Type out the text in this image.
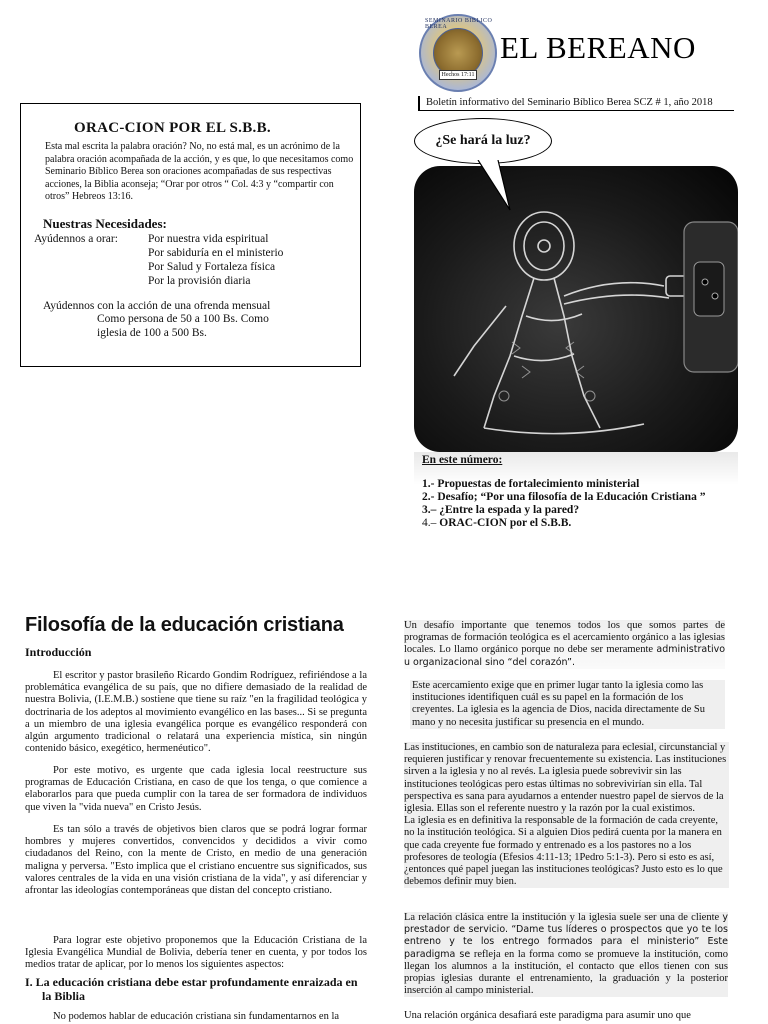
SEMINARIO BIBLICO BEREA
Hechos 17:11
EL BEREANO
Boletín informativo del Seminario Bíblico Berea SCZ # 1, año 2018
ORAC-CION POR EL S.B.B.
Esta mal escrita la palabra oración? No, no está mal, es un acrónimo de la palabra oración acompañada de la acción, y es que, lo que necesitamos como Seminario Bíblico Berea son oraciones acompañadas de sus respectivas acciones, la Biblia aconseja; “Orar por otros “ Col. 4:3 y “compartir con otros” Hebreos 13:16.
Nuestras Necesidades:
Ayúdennos a orar:	Por nuestra vida espiritual
Por sabiduría en el ministerio
Por Salud y Fortaleza física
Por la provisión diaria
Ayúdennos con la acción de una ofrenda mensual
Como persona de 50 a 100 Bs. Como
iglesia de 100 a 500 Bs.
¿Se hará la luz?
En este número:
1.- Propuestas de fortalecimiento ministerial
2.- Desafío; “Por una filosofía de la Educación Cristiana ”
3.– ¿Entre la espada y la pared?
4.– ORAC-CION por el S.B.B.
Filosofía de la educación cristiana
Introducción

El escritor y pastor brasileño Ricardo Gondim Rodríguez, refiriéndose a la problemática evangélica de su país, que no difiere demasiado de la realidad de nuestra Bolivia, (I.E.M.B.) sostiene que tiene su raíz "en la fragilidad teológica y doctrinaria de los adeptos al movimiento evangélico en las bases... Si se pregunta a un miembro de una iglesia evangélica porque es evangélico responderá con algún argumento tradicional o relatará una experiencia mística, sin ningún contenido básico, exegético, hermenéutico".

Por este motivo, es urgente que cada iglesia local reestructure sus programas de Educación Cristiana, en caso de que los tenga, o que comience a elaborarlos para que pueda cumplir con la tarea de ser formadora de individuos que viven la "vida nueva" en Cristo Jesús.

Es tan sólo a través de objetivos bien claros que se podrá lograr formar hombres y mujeres convertidos, convencidos y decididos a vivir como ciudadanos del Reino, con la mente de Cristo, en medio de una generación maligna y perversa. "Esto implica que el cristiano encuentre sus significados, sus valores centrales de la vida en una visión cristiana de la vida", y así diferenciar y afrontar las ideologías contemporáneas que distan del concepto cristiano.

Para lograr este objetivo proponemos que la Educación Cristiana de la Iglesia Evangélica Mundial de Bolivia, debería tener en cuenta, y por todos los medios tratar de aplicar, por lo menos los siguientes aspectos:

I. La educación cristiana debe estar profundamente enraizada en
la Biblia

No podemos hablar de educación cristiana sin fundamentarnos en la

Un desafío importante que tenemos todos los que somos partes de programas de formación teológica es el acercamiento orgánico a las iglesias locales. Lo llamo orgánico porque no debe ser meramente administrativo u organizacional sino “del corazón”.
Este acercamiento exige que en primer lugar tanto la iglesia como las instituciones identifiquen cuál es su papel en la formación de los creyentes. La iglesia es la agencia de Dios, nacida directamente de Su mano y no necesita justificar su presencia en el mundo.
Las instituciones, en cambio son de naturaleza para eclesial, circunstancial y requieren justificar y renovar frecuentemente su existencia. Las instituciones sirven a la iglesia y no al revés. La iglesia puede sobrevivir sin las instituciones teológicas pero estas últimas no sobrevivirían sin ella. Tal perspectiva es sana para ayudarnos a entender nuestro papel de siervos de la iglesia. Ellas son el referente nuestro y la razón por la cual existimos.
La iglesia es en definitiva la responsable de la formación de cada creyente, no la institución teológica. Si a alguien Dios pedirá cuenta por la manera en que cada creyente fue formado y entrenado es a los pastores no a los profesores de teología (Efesios 4:11-13; 1Pedro 5:1-3). Pero si esto es así, ¿entonces qué papel juegan las instituciones teológicas? Justo esto es lo que debemos definir muy bien.
La relación clásica entre la institución y la iglesia suele ser una de cliente y prestador de servicio. “Dame tus líderes o prospectos que yo te los entreno y te los entrego formados para el ministerio” Este paradigma se refleja en la forma como se promueve la institución, como llegan los alumnos a la institución, el contacto que ellos tienen con sus propias iglesias durante el entrenamiento, la graduación y la posterior inserción al campo ministerial.
Una relación orgánica desafiará este paradigma para asumir uno que
